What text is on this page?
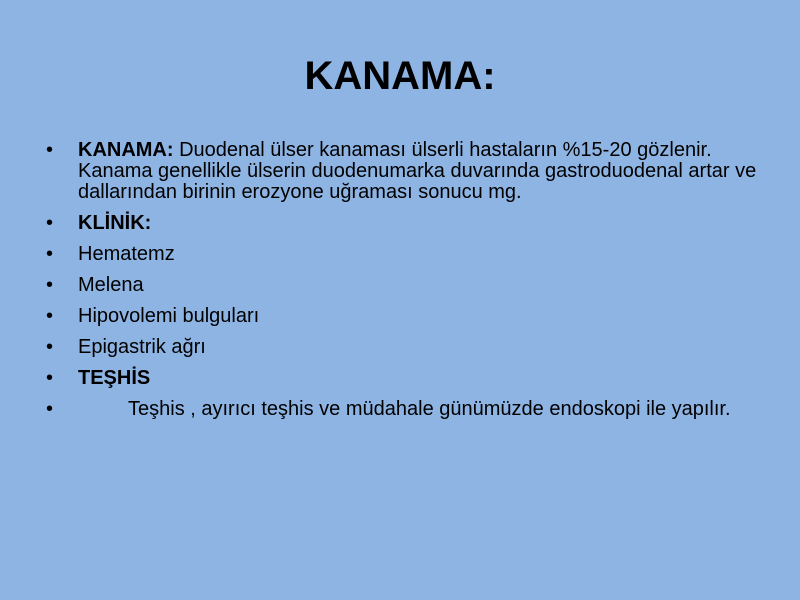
KANAMA:
• KANAMA: Duodenal ülser kanaması ülserli hastaların %15-20 gözlenir. Kanama genellikle ülserin duodenumarka duvarında gastroduodenal artar ve dallarından birinin erozyone uğraması sonucu mg.
• KLİNİK:
• Hematemz
• Melena
• Hipovolemi bulguları
• Epigastrik ağrı
• TEŞHİS
•	Teşhis , ayırıcı teşhis ve müdahale günümüzde endoskopi ile yapılır.
